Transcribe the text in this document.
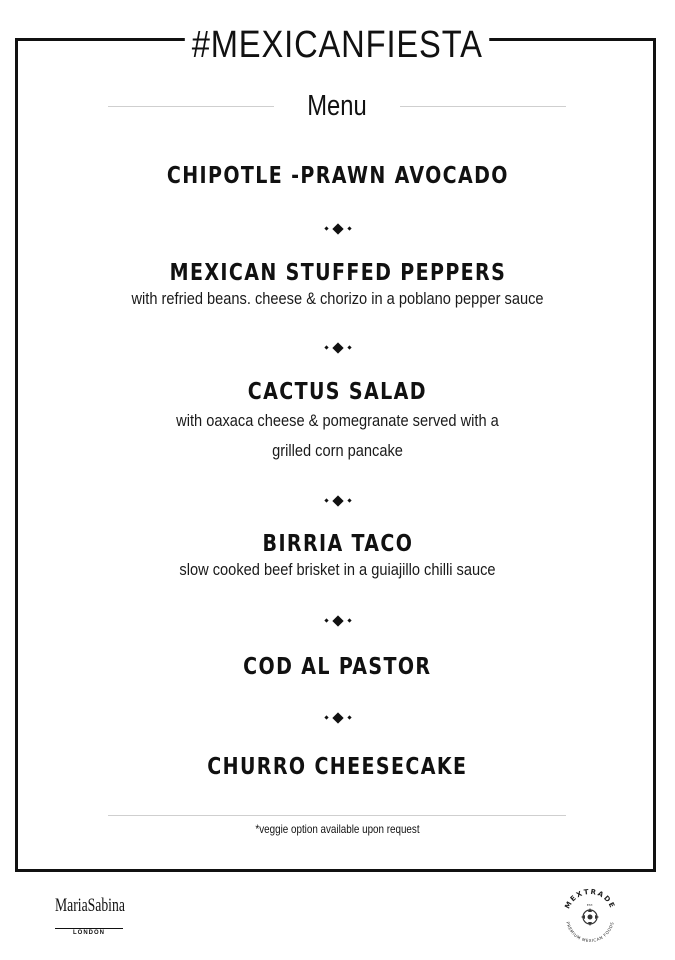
#MEXICANFIESTA
Menu
CHIPOTLE -PRAWN AVOCADO
MEXICAN STUFFED PEPPERS
with refried beans. cheese & chorizo in a poblano pepper sauce
CACTUS SALAD
with oaxaca cheese & pomegranate served with a
grilled corn pancake
BIRRIA TACO
slow cooked beef brisket in a guiajillo chilli sauce
COD AL PASTOR
CHURRO CHEESECAKE
*veggie option available upon request
MariaSabina
LONDON
MEXTRADE
PREMIUM MEXICAN FOODS
EST.
